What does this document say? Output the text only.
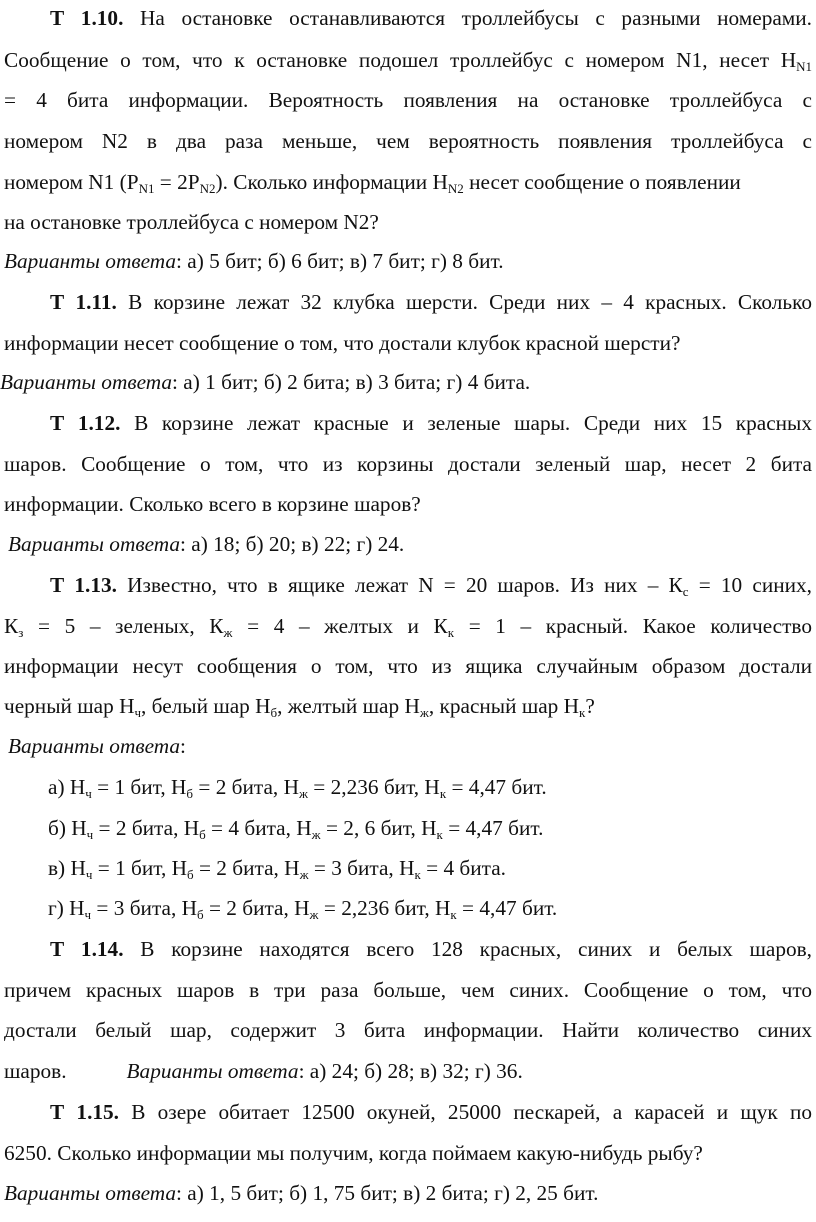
Т 1.10. На остановке останавливаются троллейбусы с разными номерами.
Сообщение о том, что к остановке подошел троллейбус с номером N1, несет $H_{N1}$
= 4 бита информации. Вероятность появления на остановке троллейбуса с
номером N2 в два раза меньше, чем вероятность появления троллейбуса с
номером N1 $(P_{N1} = 2P_{N2})$. Сколько информации $H_{N2}$ несет сообщение о появлении
на остановке троллейбуса с номером N2?
Варианты ответа: а) 5 бит; б) 6 бит; в) 7 бит; г) 8 бит.
Т 1.11. В корзине лежат 32 клубка шерсти. Среди них – 4 красных. Сколько
информации несет сообщение о том, что достали клубок красной шерсти?
Варианты ответа: а) 1 бит; б) 2 бита; в) 3 бита; г) 4 бита.
Т 1.12. В корзине лежат красные и зеленые шары. Среди них 15 красных
шаров. Сообщение о том, что из корзины достали зеленый шар, несет 2 бита
информации. Сколько всего в корзине шаров?
Варианты ответа: а) 18; б) 20; в) 22; г) 24.
Т 1.13. Известно, что в ящике лежат N = 20 шаров. Из них – $К_с = 10$ синих,
$К_з = 5$ – зеленых, $К_ж = 4$ – желтых и $К_к = 1$ – красный. Какое количество
информации несут сообщения о том, что из ящика случайным образом достали
черный шар $H_ч$, белый шар $H_б$, желтый шар $H_ж$, красный шар $H_к$?
Варианты ответа:
а) $H_ч = 1$ бит, $H_б = 2$ бита, $H_ж = 2,236$ бит, $H_к = 4,47$ бит.
б) $H_ч = 2$ бита, $H_б = 4$ бита, $H_ж = 2$, 6 бит, $H_к = 4,47$ бит.
в) $H_ч = 1$ бит, $H_б = 2$ бита, $H_ж = 3$ бита, $H_к = 4$ бита.
г) $H_ч = 3$ бита, $H_б = 2$ бита, $H_ж = 2,236$ бит, $H_к = 4,47$ бит.
Т 1.14. В корзине находятся всего 128 красных, синих и белых шаров,
причем красных шаров в три раза больше, чем синих. Сообщение о том, что
достали белый шар, содержит 3 бита информации. Найти количество синих
шаров.	Варианты ответа: а) 24; б) 28; в) 32; г) 36.
Т 1.15. В озере обитает 12500 окуней, 25000 пескарей, а карасей и щук по
6250. Сколько информации мы получим, когда поймаем какую-нибудь рыбу?
Варианты ответа: а) 1, 5 бит; б) 1, 75 бит; в) 2 бита; г) 2, 25 бит.
